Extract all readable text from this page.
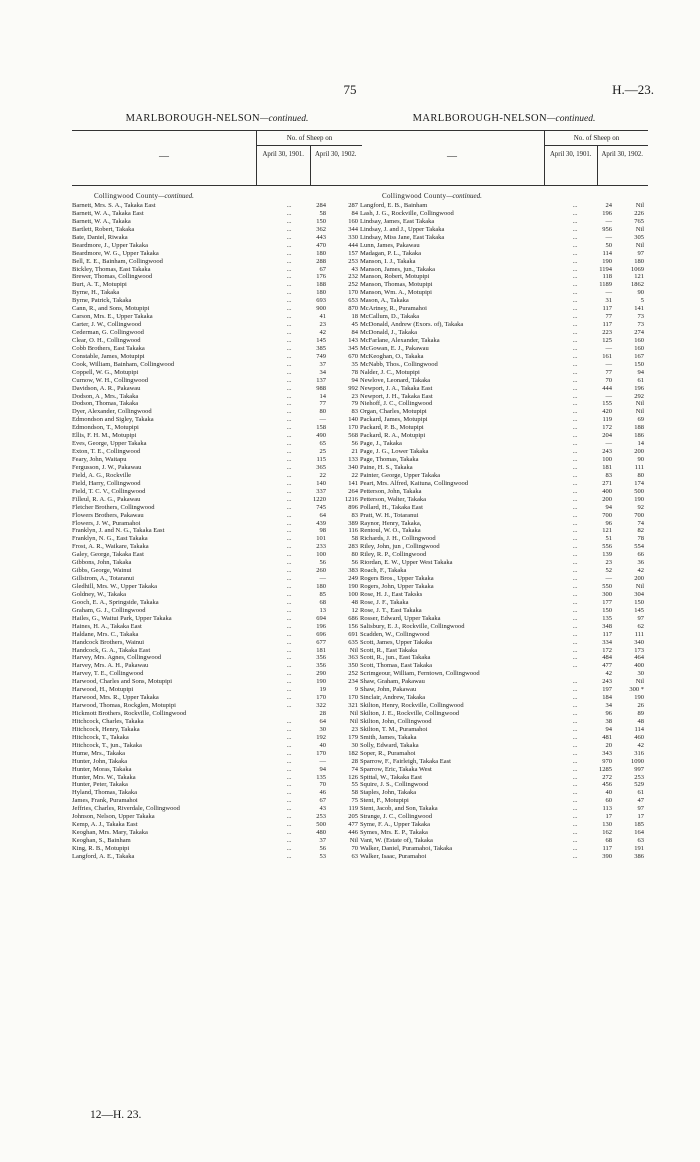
75	H.—23.
MARLBOROUGH-NELSON—continued.
—
No. of Sheep on
April 30, 1901.	April 30, 1902.
Collingwood County—continued.
Barnett, Mrs. S. A., Takaka East	...	284	287
Barnett, W. A., Takaka East	...	58	84
Barnett, W. A., Takaka	...	150	160
Bartlett, Robert, Takaka	...	362	344
Bate, Daniel, Riwaka	...	443	330
Beardmore, J., Upper Takaka	...	470	444
Beardmore, W. G., Upper Takaka	...	180	157
Bell, E. E., Bainham, Collingwood	...	288	253
Bickley, Thomas, East Takaka	...	67	43
Brewer, Thomas, Collingwood	...	176	232
Burt, A. T., Motupipi	...	188	252
Byrne, H., Takaka	...	180	170
Byrne, Patrick, Takaka	...	693	653
Cann, R., and Sons, Motupipi	...	900	870
Carson, Mrs. E., Upper Takaka	...	41	18
Carter, J. W., Collingwood	...	23	45
Cederman, G. Collingwood	...	42	84
Clear, O. H., Collingwood	...	145	143
Cobb Brothers, East Takaka	...	385	345
Constable, James, Motupipi	...	749	670
Cook, William, Bainham, Collingwood	...	37	35
Coppell, W. G., Motupipi	...	34	78
Curnow, W. H., Collingwood	...	137	94
Davidson, A. R., Pakawau	...	988	992
Dodson, A , Mrs., Takaka	...	14	23
Dodson, Thomas, Takaka	...	77	79
Dyer, Alexander, Collingwood	...	80	83
Edmondson and Sigley, Takaka	...	—	140
Edmondson, T., Motupipi	...	158	170
Ellis, F. H. M., Motupipi	...	490	568
Eves, George, Upper Takaka	...	65	56
Exton, T. E., Collingwood	...	25	21
Feary, John, Waitapu	...	115	133
Fergusson, J. W., Pakawau	...	365	340
Field, A. G., Rockville	...	22	22
Field, Harry, Collingwood	...	140	141
Field, T. C. V., Collingwood	...	337	264
Filleul, R. A. G., Pakawau	...	1220	1216
Fletcher Brothers, Collingwood	...	745	896
Flowers Brothers, Pakawau	...	64	83
Flowers, J. W., Puramahoi	...	439	389
Franklyn, J. and N. G., Takaka East	...	98	116
Franklyn, N. G., East Takaka	...	101	58
Frost, A. R., Waikare, Takaka	...	233	283
Galey, George, Takaka East	...	100	80
Gibbons, John, Takaka	...	56	56
Gibbs, George, Wainui	...	260	383
Gillstrom, A., Totaranui	...	—	249
Gledhill, Mrs. W., Upper Takaka	...	180	190
Goldney, W., Takaka	...	85	100
Gooch, E. A., Springside, Takaka	...	68	48
Graham, G. J., Collingwood	...	13	12
Hailes, G., Waitui Park, Upper Takaka	...	694	686
Haines, H. A., Takaka East	...	196	156
Haldane, Mrs. C., Takaka	...	696	691
Handcock Brothers, Wainui	...	677	635
Handcock, G. A., Takaka East	...	181	Nil
Harvey, Mrs. Agnes, Collingwood	...	356	363
Harvey, Mrs. A. H., Pakawau	...	356	350
Harvey, T. E., Collingwood	...	290	252
Harwood, Charles and Sons, Motupipi	...	190	234
Harwood, H., Motupipi	...	19	9
Harwood, Mrs. R., Upper Takaka	...	170	170
Harwood, Thomas, Rockglen, Motupipi	...	322	321
Hickmott Brothers, Rockville, Collingwood	28	Nil
Hitchcock, Charles, Takaka	...	64	Nil
Hitchcock, Henry, Takaka	...	30	23
Hitchcock, T., Takaka	...	192	179
Hitchcock, T., jun., Takaka	...	40	30
Hume, Mrs., Takaka	...	170	182
Hunter, John, Takaka	...	—	28
Hunter, Moras, Takaka	...	94	74
Hunter, Mrs. W., Takaka	...	135	126
Hunter, Peter, Takaka	...	70	55
Hyland, Thomas, Takaka	...	46	58
James, Frank, Puramahoi	...	67	75
Jeffries, Charles, Riverdale, Collingwood	...	43	119
Johnson, Nelson, Upper Takaka	...	253	205
Kemp, A. J., Takaka East	...	500	477
Keoghan, Mrs. Mary, Takaka	...	480	446
Keoghan, S., Bainham	...	37	Nil
King, R. B., Motupipi	...	56	70
Langford, A. E., Takaka	...	53	63
MARLBOROUGH-NELSON—continued.
—
No. of Sheep on
April 30, 1901.	April 30, 1902.
Collingwood County—continued.
Langford, E. B., Bainham	...	24	Nil
Lash, J. G., Rockville, Collingwood	...	196	226
Lindsay, James, East Takaka	...	—	765
Lindsay, J. and J., Upper Takaka	...	956	Nil
Lindsay, Miss Jane, East Takaka	...	—	305
Lunn, James, Pakawau	...	50	Nil
Madagan, P. L., Takaka	...	114	97
Manson, I. J., Takaka	...	190	180
Manson, James, jun., Takaka	...	1194	1069
Manson, Robert, Motupipi	...	118	121
Manson, Thomas, Motupipi	...	1189	1862
Manson, Wm. A., Motupipi	...	—	90
Mason, A., Takaka	...	31	5
McArtney, R., Puramahoi	...	117	141
McCallum, D., Takaka	...	77	73
McDonald, Andrew (Exors. of), Takaka	...	117	73
McDonald, J., Takaka	...	223	274
McFarlane, Alexander, Takaka	...	125	160
McGowan, E. J., Pakawau	...	—	160
McKeoghan, O., Takaka	...	161	167
McNabb, Thos., Collingwood	...	—	150
Nalder, J. C., Motupipi	...	77	94
Newlove, Leonard, Takaka	...	70	61
Newport, J. A., Takaka East	...	444	196
Newport, J. H., Takaka East	...	—	292
Niehoff, J. C., Collingwood	...	155	Nil
Organ, Charles, Motupipi	...	420	Nil
Packard, James, Motupipi	...	119	69
Packard, P. B., Motupipi	...	172	188
Packard, R. A., Motupipi	...	204	186
Page, J., Takaka	...	—	14
Page, J. G., Lower Takaka	...	243	200
Page, Thomas, Takaka	...	100	90
Paine, H. S., Takaka	...	181	111
Painter, George, Upper Takaka	...	83	80
Peart, Mrs. Alfred, Kaituna, Collingwood	...	271	174
Petterson, John, Takaka	...	400	500
Petterson, Walter, Takaka	...	200	190
Pollard, H., Takaka East	...	94	92
Pratt, W. H., Totaranui	...	700	700
Raynor, Henry, Takaka,	...	96	74
Rentoul, W. O., Takaka	...	121	82
Richards, J. H., Collingwood	...	51	78
Riley, John, jun , Collingwood	...	556	554
Riley, R. P., Collingwood	...	139	66
Riordan, E. W., Upper West Takaka	...	23	36
Roach, F., Takaka	...	52	42
Rogers Bros., Upper Takaka	...	—	200
Rogers, John, Upper Takaka	...	550	Nil
Rose, H. J., East Taksks	...	300	304
Rose, J. F., Takaka	...	177	150
Rose, J. T., East Takaka	...	150	145
Rosser, Edward, Upper Takaka	...	135	97
Salisbury, E. J., Rockville, Collingwood	...	348	62
Scadden, W., Collingwood	...	117	111
Scott, James, Upper Takaka	...	334	340
Scott, R., East Takaka	...	172	173
Scott, R., jun., East Takaka	...	484	464
Scott, Thomas, East Takaka	...	477	400
Scrimgeour, William, Ferntown, Collingwood	42	30
Shaw, Graham, Pakawau	...	243	Nil
Shaw, John, Pakawau	...	197	300 *
Sinclair, Andrew, Takaka	...	184	190
Skilton, Henry, Rockville, Collingwood	...	34	26
Skilton, J. E., Rockville, Collingwood	...	96	89
Skilton, John, Collingwood	...	38	48
Skilton, T. M., Puramahoi	...	94	114
Smith, James, Takaka	...	481	460
Solly, Edward, Takaka	...	20	42
Soper, R., Puramahoi	...	343	316
Sparrow, F., Fairleigh, Takaka East	...	970	1090
Sparrow, Eric, Takaka West	...	1285	997
Spittal, W., Takaka East	...	272	253
Squire, J. S., Collingwood	...	456	529
Staples, John, Takaka	...	40	61
Stent, F., Motupipi	...	60	47
Stent, Jacob, and Son, Takaka	...	113	97
Strange, J. C., Collingwood	...	17	17
Syme, F. A., Upper Takaka	...	130	185
Symes, Mrs. E. P., Takaka	...	162	164
Vant, W. (Estate of), Takaka	...	68	63
Walker, Daniel, Puramahoi, Takaka	...	117	191
Walker, Isaac, Puramahoi	...	390	386
12—H. 23.
